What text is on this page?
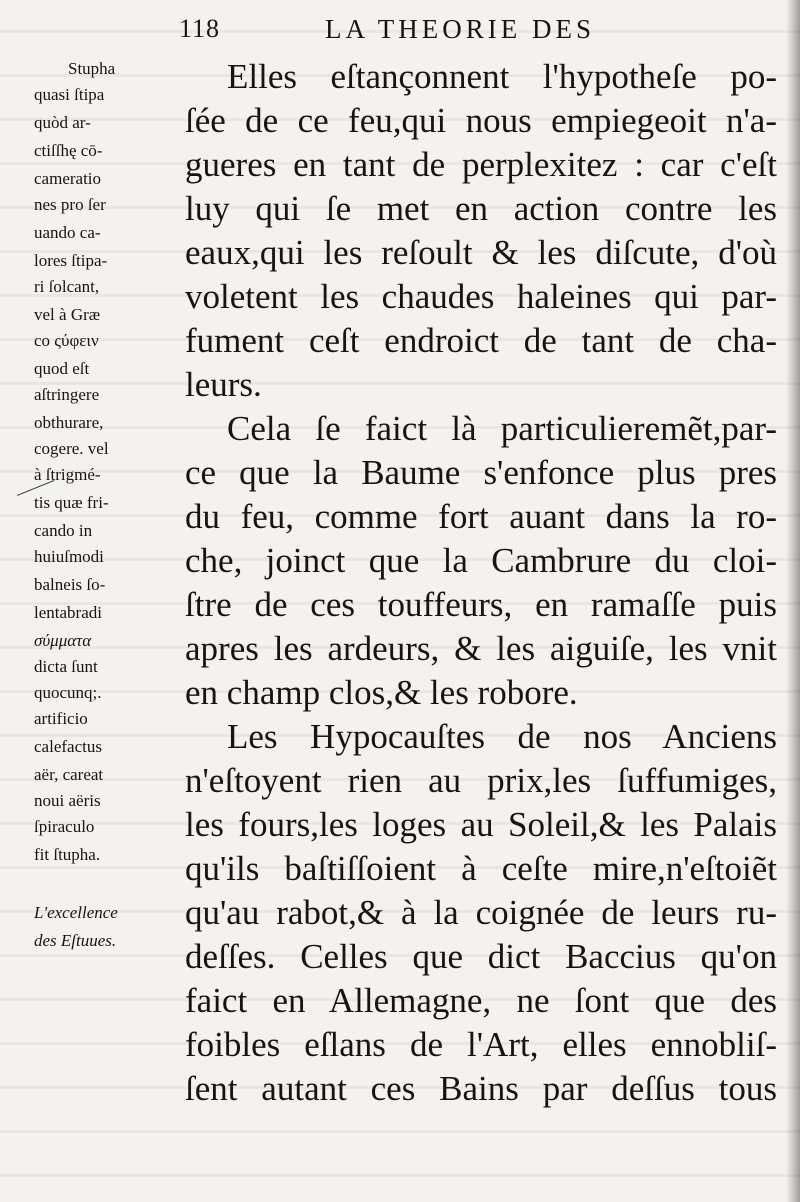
118	LA THEORIE DES
Stupha
quasi ſtipa
quòd ar-
ctiſſhę cō-
cameratio
nes pro ſer
uando ca-
lores ſtipa-
ri ſolcant,
vel à Græ
co ςύφειν
quod eſt
aſtringere
obthurare,
cogere. vel
à ſtrigmé-
tis quæ fri-
cando in
huiuſmodi
balneis ſo-
lentabradi
σύμματα
dicta ſunt
quocunq;.
artificio
calefactus
aër, careat
noui aëris
ſpiraculo
fit ſtupha.
L'excellence
des Eſtuues.
Elles eſtançonnent l'hypotheſe po-
ſée de ce feu,qui nous empiegeoit n'a-
gueres en tant de perplexitez : car c'eſt
luy qui ſe met en action contre les
eaux,qui les reſoult & les diſcute, d'où
voletent les chaudes haleines qui par-
fument ceſt endroict de tant de cha-
leurs.
Cela ſe faict là particulieremẽt,par-
ce que la Baume s'enfonce plus pres
du feu, comme fort auant dans la ro-
che, joinct que la Cambrure du cloi-
ſtre de ces touffeurs, en ramaſſe puis
apres les ardeurs, & les aiguiſe, les vnit
en champ clos,& les robore.
Les Hypocauſtes de nos Anciens
n'eſtoyent rien au prix,les ſuffumiges,
les fours,les loges au Soleil,& les Palais
qu'ils baſtiſſoient à ceſte mire,n'eſtoiẽt
qu'au rabot,& à la coignée de leurs ru-
deſſes. Celles que dict Baccius qu'on
faict en Allemagne, ne ſont que des
foibles eſlans de l'Art, elles ennobliſ-
ſent autant ces Bains par deſſus tous
